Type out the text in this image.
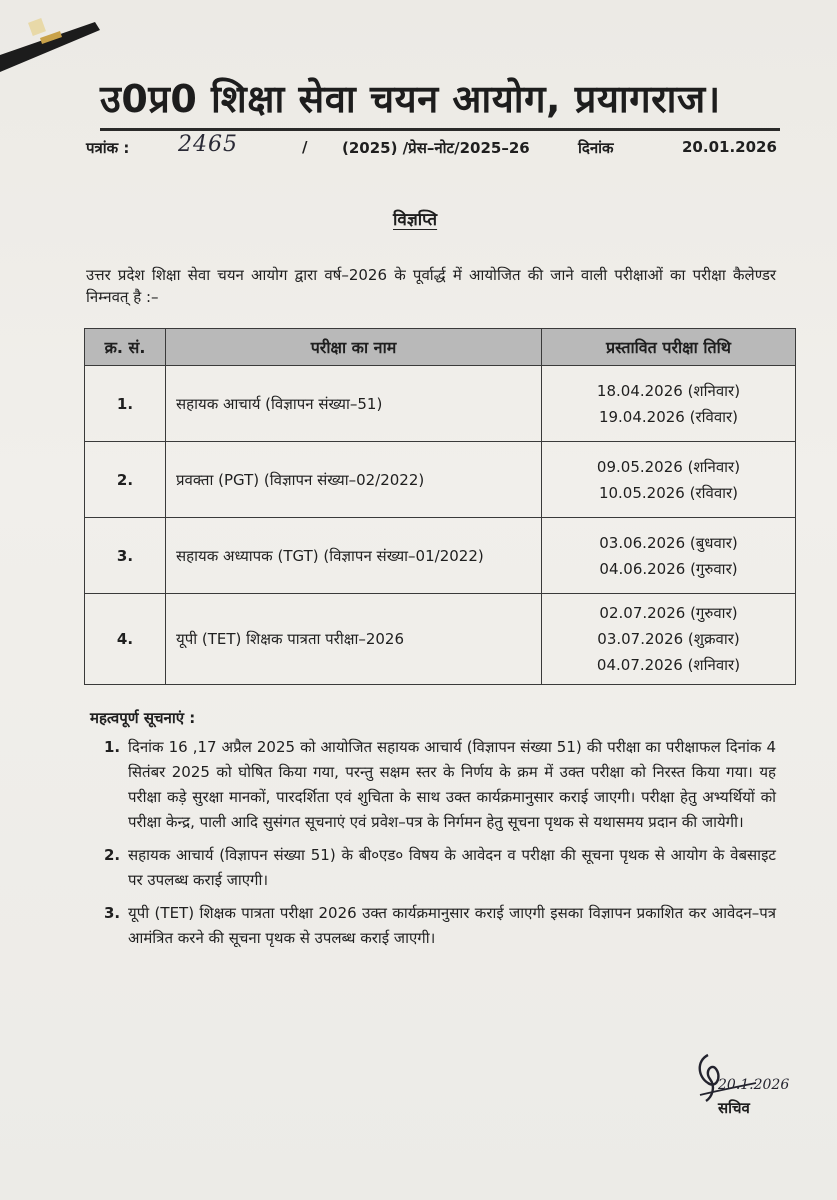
उ0प्र0 शिक्षा सेवा चयन आयोग, प्रयागराज।
पत्रांक : 2465	/ (2025) /प्रेस–नोट/2025–26	दिनांक	20.01.2026
विज्ञप्ति

उत्तर प्रदेश शिक्षा सेवा चयन आयोग द्वारा वर्ष–2026 के पूर्वार्द्ध में आयोजित की जाने वाली परीक्षाओं का परीक्षा कैलेण्डर निम्नवत् है :–

क्र. सं.	परीक्षा का नाम	प्रस्तावित परीक्षा तिथि
1.	सहायक आचार्य (विज्ञापन संख्या–51)	18.04.2026 (शनिवार)
19.04.2026 (रविवार)

2.	प्रवक्ता (PGT) (विज्ञापन संख्या–02/2022)	09.05.2026 (शनिवार)
10.05.2026 (रविवार)

3.	सहायक अध्यापक (TGT) (विज्ञापन संख्या–01/2022)	03.06.2026 (बुधवार)
04.06.2026 (गुरुवार)

4.	यूपी (TET) शिक्षक पात्रता परीक्षा–2026	02.07.2026 (गुरुवार)
03.07.2026 (शुक्रवार)
04.07.2026 (शनिवार)
महत्वपूर्ण सूचनाएं :
1. दिनांक 16 ,17 अप्रैल 2025 को आयोजित सहायक आचार्य (विज्ञापन संख्या 51) की परीक्षा का परीक्षाफल दिनांक 4 सितंबर 2025 को घोषित किया गया, परन्तु सक्षम स्तर के निर्णय के क्रम में उक्त परीक्षा को निरस्त किया गया। यह परीक्षा कड़े सुरक्षा मानकों, पारदर्शिता एवं शुचिता के साथ उक्त कार्यक्रमानुसार कराई जाएगी। परीक्षा हेतु अभ्यर्थियों को परीक्षा केन्द्र, पाली आदि सुसंगत सूचनाएं एवं प्रवेश–पत्र के निर्गमन हेतु सूचना पृथक से यथासमय प्रदान की जायेगी।
2. सहायक आचार्य (विज्ञापन संख्या 51) के बी०एड० विषय के आवेदन व परीक्षा की सूचना पृथक से आयोग के वेबसाइट पर उपलब्ध कराई जाएगी।
3. यूपी (TET) शिक्षक पात्रता परीक्षा 2026 उक्त कार्यक्रमानुसार कराई जाएगी इसका विज्ञापन प्रकाशित कर आवेदन–पत्र आमंत्रित करने की सूचना पृथक से उपलब्ध कराई जाएगी।
20.1.2026
सचिव
